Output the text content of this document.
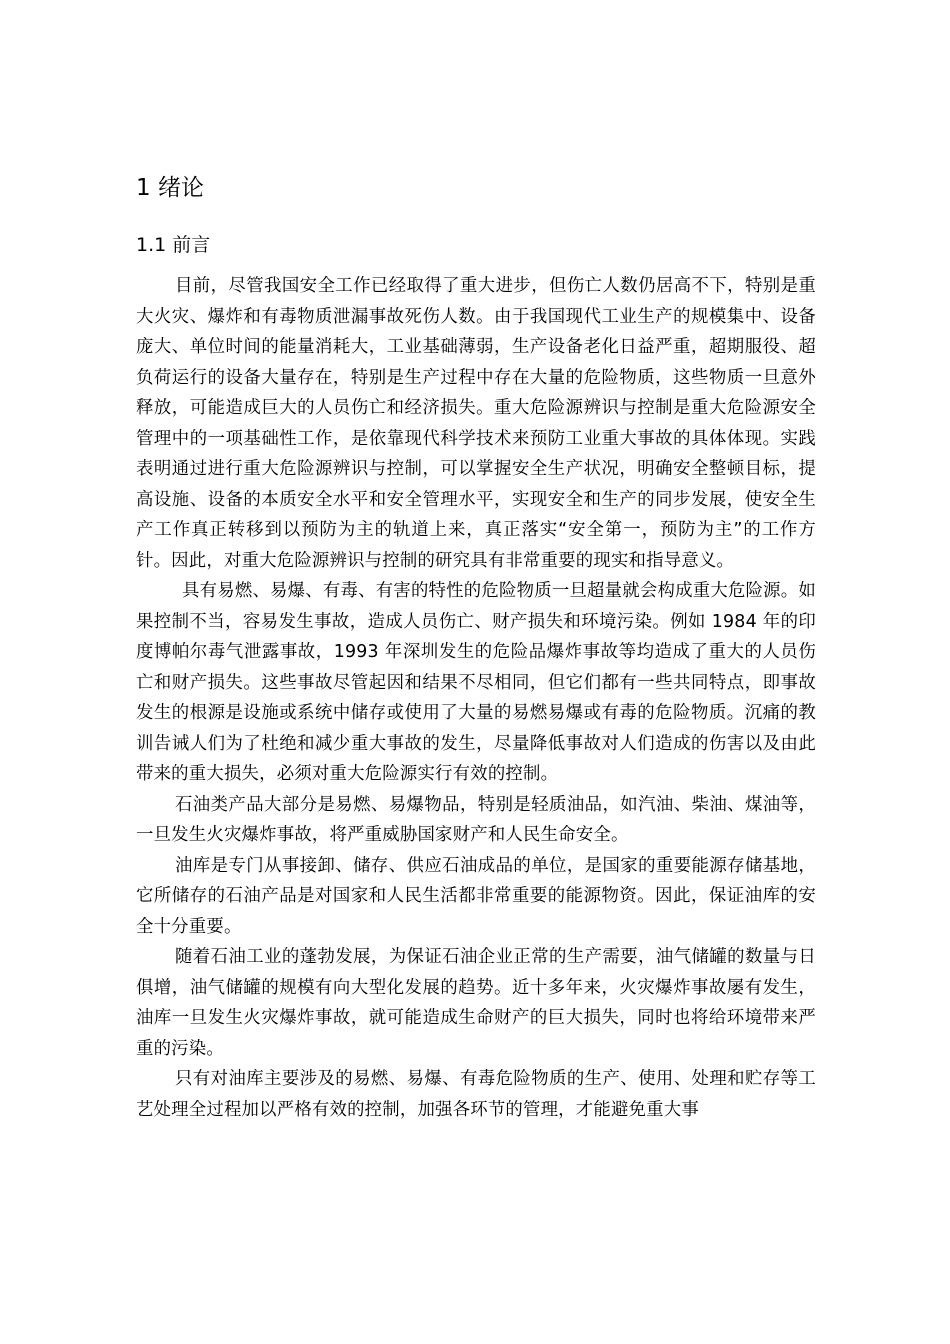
1 绪论
1.1 前言

目前，尽管我国安全工作已经取得了重大进步，但伤亡人数仍居高不下，特别是重大火灾、爆炸和有毒物质泄漏事故死伤人数。由于我国现代工业生产的规模集中、设备庞大、单位时间的能量消耗大，工业基础薄弱，生产设备老化日益严重，超期服役、超负荷运行的设备大量存在，特别是生产过程中存在大量的危险物质，这些物质一旦意外释放，可能造成巨大的人员伤亡和经济损失。重大危险源辨识与控制是重大危险源安全管理中的一项基础性工作，是依靠现代科学技术来预防工业重大事故的具体体现。实践表明通过进行重大危险源辨识与控制，可以掌握安全生产状况，明确安全整顿目标，提高设施、设备的本质安全水平和安全管理水平，实现安全和生产的同步发展，使安全生产工作真正转移到以预防为主的轨道上来，真正落实“安全第一，预防为主”的工作方针。因此，对重大危险源辨识与控制的研究具有非常重要的现实和指导意义。

具有易燃、易爆、有毒、有害的特性的危险物质一旦超量就会构成重大危险源。如果控制不当，容易发生事故，造成人员伤亡、财产损失和环境污染。例如 1984 年的印度博帕尔毒气泄露事故，1993 年深圳发生的危险品爆炸事故等均造成了重大的人员伤亡和财产损失。这些事故尽管起因和结果不尽相同，但它们都有一些共同特点，即事故发生的根源是设施或系统中储存或使用了大量的易燃易爆或有毒的危险物质。沉痛的教训告诫人们为了杜绝和减少重大事故的发生，尽量降低事故对人们造成的伤害以及由此带来的重大损失，必须对重大危险源实行有效的控制。

石油类产品大部分是易燃、易爆物品，特别是轻质油品，如汽油、柴油、煤油等，一旦发生火灾爆炸事故，将严重威胁国家财产和人民生命安全。

油库是专门从事接卸、储存、供应石油成品的单位，是国家的重要能源存储基地，它所储存的石油产品是对国家和人民生活都非常重要的能源物资。因此，保证油库的安全十分重要。

随着石油工业的蓬勃发展，为保证石油企业正常的生产需要，油气储罐的数量与日俱增，油气储罐的规模有向大型化发展的趋势。近十多年来，火灾爆炸事故屡有发生，油库一旦发生火灾爆炸事故，就可能造成生命财产的巨大损失，同时也将给环境带来严重的污染。

只有对油库主要涉及的易燃、易爆、有毒危险物质的生产、使用、处理和贮存等工艺处理全过程加以严格有效的控制，加强各环节的管理，才能避免重大事
